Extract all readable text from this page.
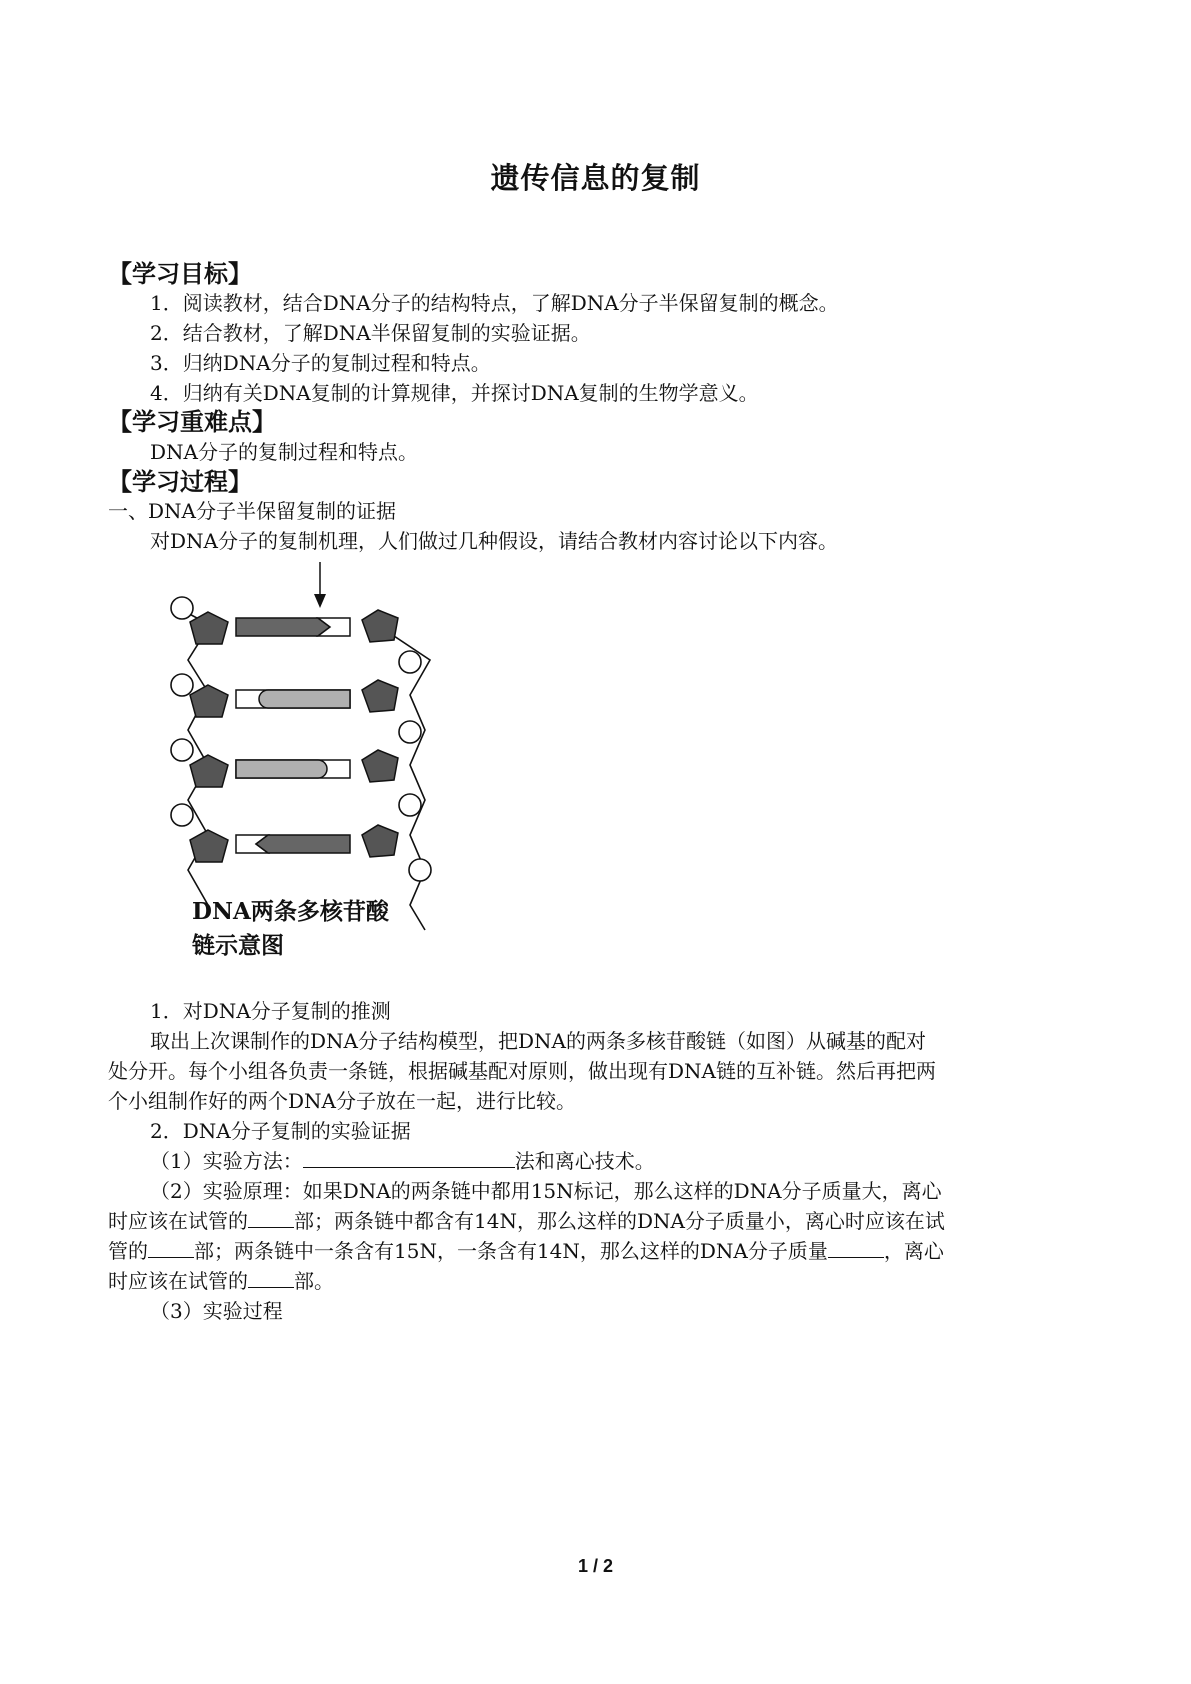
遗传信息的复制
【学习目标】
1．阅读教材，结合DNA分子的结构特点，了解DNA分子半保留复制的概念。
2．结合教材，了解DNA半保留复制的实验证据。
3．归纳DNA分子的复制过程和特点。
4．归纳有关DNA复制的计算规律，并探讨DNA复制的生物学意义。
【学习重难点】
DNA分子的复制过程和特点。
【学习过程】
一、DNA分子半保留复制的证据
对DNA分子的复制机理，人们做过几种假设，请结合教材内容讨论以下内容。
DNA两条多核苷酸
链示意图
1．对DNA分子复制的推测
取出上次课制作的DNA分子结构模型，把DNA的两条多核苷酸链（如图）从碱基的配对
处分开。每个小组各负责一条链，根据碱基配对原则，做出现有DNA链的互补链。然后再把两
个小组制作好的两个DNA分子放在一起，进行比较。
2．DNA分子复制的实验证据
（1）实验方法：	法和离心技术。
（2）实验原理：如果DNA的两条链中都用15N标记，那么这样的DNA分子质量大，离心
时应该在试管的 部；两条链中都含有14N，那么这样的DNA分子质量小，离心时应该在试
管的 部；两条链中一条含有15N，一条含有14N，那么这样的DNA分子质量	，离心
时应该在试管的 部。
（3）实验过程
1 / 2
